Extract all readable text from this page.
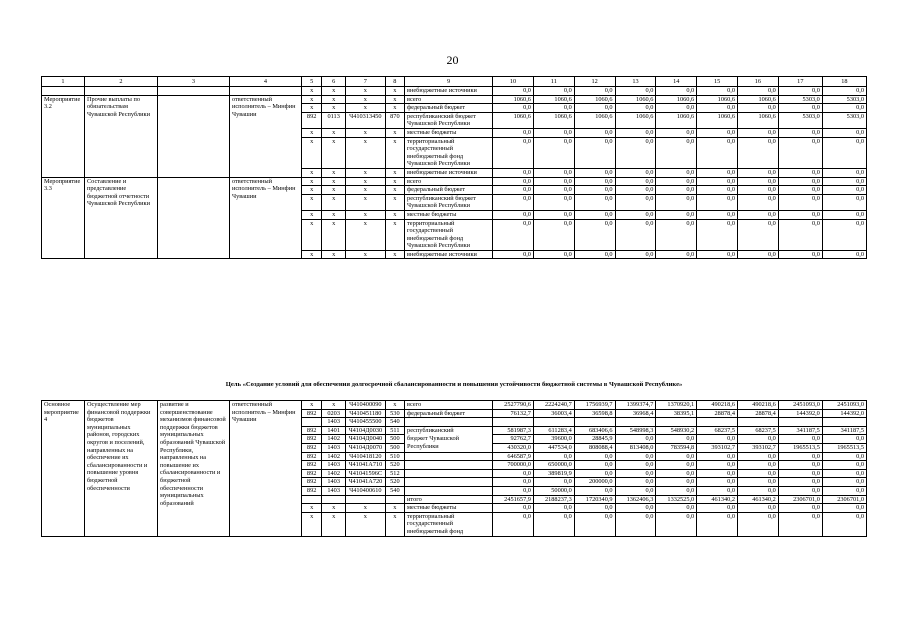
20
1	2	3	4	5	6	7	8	9	10	11	12	13	14	15	16	17	18
				x	x	x	x	внебюджетные источники	0,0	0,0	0,0	0,0	0,0	0,0	0,0	0,0	0,0
Мероприятие 3.2	Прочие выплаты по обязательствам Чувашской Республики		ответственный исполнитель – Минфин Чувашии	x	x	x	x	всего	1060,6	1060,6	1060,6	1060,6	1060,6	1060,6	1060,6	5303,0	5303,0
				x	x	x	x	федеральный бюджет	0,0	0,0	0,0	0,0	0,0	0,0	0,0	0,0	0,0
				892	0113	Ч410313450	870	республиканский бюджет Чувашской Республики	1060,6	1060,6	1060,6	1060,6	1060,6	1060,6	1060,6	5303,0	5303,0
				x	x	x	x	местные бюджеты	0,0	0,0	0,0	0,0	0,0	0,0	0,0	0,0	0,0
				x	x	x	x	территориальный государственный внебюджетный фонд Чувашской Республики	0,0	0,0	0,0	0,0	0,0	0,0	0,0	0,0	0,0
				x	x	x	x	внебюджетные источники	0,0	0,0	0,0	0,0	0,0	0,0	0,0	0,0	0,0
Мероприятие 3.3	Составление и представление бюджетной отчетности Чувашской Республики		ответственный исполнитель – Минфин Чувашии	x	x	x	x	всего	0,0	0,0	0,0	0,0	0,0	0,0	0,0	0,0	0,0
				x	x	x	x	федеральный бюджет	0,0	0,0	0,0	0,0	0,0	0,0	0,0	0,0	0,0
				x	x	x	x	республиканский бюджет Чувашской Республики	0,0	0,0	0,0	0,0	0,0	0,0	0,0	0,0	0,0
				x	x	x	x	местные бюджеты	0,0	0,0	0,0	0,0	0,0	0,0	0,0	0,0	0,0
				x	x	x	x	территориальный государственный внебюджетный фонд Чувашской Республики	0,0	0,0	0,0	0,0	0,0	0,0	0,0	0,0	0,0
				x	x	x	x	внебюджетные источники	0,0	0,0	0,0	0,0	0,0	0,0	0,0	0,0	0,0
Цель «Создание условий для обеспечения долгосрочной сбалансированности и повышения устойчивости бюджетной системы в Чувашской Республике»
Основное мероприятие 4	Осуществление мер финансовой поддержки бюджетов муниципальных районов, городских округов и поселений, направленных на обеспечение их сбалансированности и повышение уровня бюджетной обеспеченности	развитие и совершенствование механизмов финансовой поддержки бюджетов муниципальных образований Чувашской Республики, направленных на повышение их сбалансированности и бюджетной обеспеченности муниципальных образований	ответственный исполнитель – Минфин Чувашии	x	x	Ч410400090	x	всего	2527790,6	2224240,7	1756939,7	1399374,7	1370920,1	490218,6	490218,6	2451093,0	2451093,0
				892	0203	Ч410451180	530	федеральный бюджет	76132,7	36003,4	36598,8	36968,4	38395,1	28878,4	28878,4	144392,0	144392,0
					1403	Ч410455500	540										
				892	1401	Ч4104Д0030	511	республиканский	581987,3	611283,4	683406,6	548998,3	548930,2	68237,5	68237,5	341187,5	341187,5
				892	1402	Ч4104Д0040	500	бюджет Чувашской	92762,7	39600,0	28845,9	0,0	0,0	0,0	0,0	0,0	0,0
				892	1403	Ч4104Д0070	500	Республики	430320,0	447534,0	808088,4	813408,0	783594,8	393102,7	393102,7	1965513,5	1965513,5
				892	1402	Ч410418120	510		646587,9	0,0	0,0	0,0	0,0	0,0	0,0	0,0	0,0
				892	1403	Ч41041A710	520		700000,0	650000,0	0,0	0,0	0,0	0,0	0,0	0,0	0,0
				892	1402	Ч41041596С	512		0,0	389819,9	0,0	0,0	0,0	0,0	0,0	0,0	0,0
				892	1403	Ч41041А720	520		0,0	0,0	200000,0	0,0	0,0	0,0	0,0	0,0	0,0
				892	1403	Ч410400610	540		0,0	50000,0	0,0	0,0	0,0	0,0	0,0	0,0	0,0
								итого	2451657,9	2188237,3	1720340,9	1362406,3	1332525,0	461340,2	461340,2	2306701,0	2306701,0
				x	x	x	x	местные бюджеты	0,0	0,0	0,0	0,0	0,0	0,0	0,0	0,0	0,0
				x	x	x	x	территориальный государственный внебюджетный фонд	0,0	0,0	0,0	0,0	0,0	0,0	0,0	0,0	0,0
